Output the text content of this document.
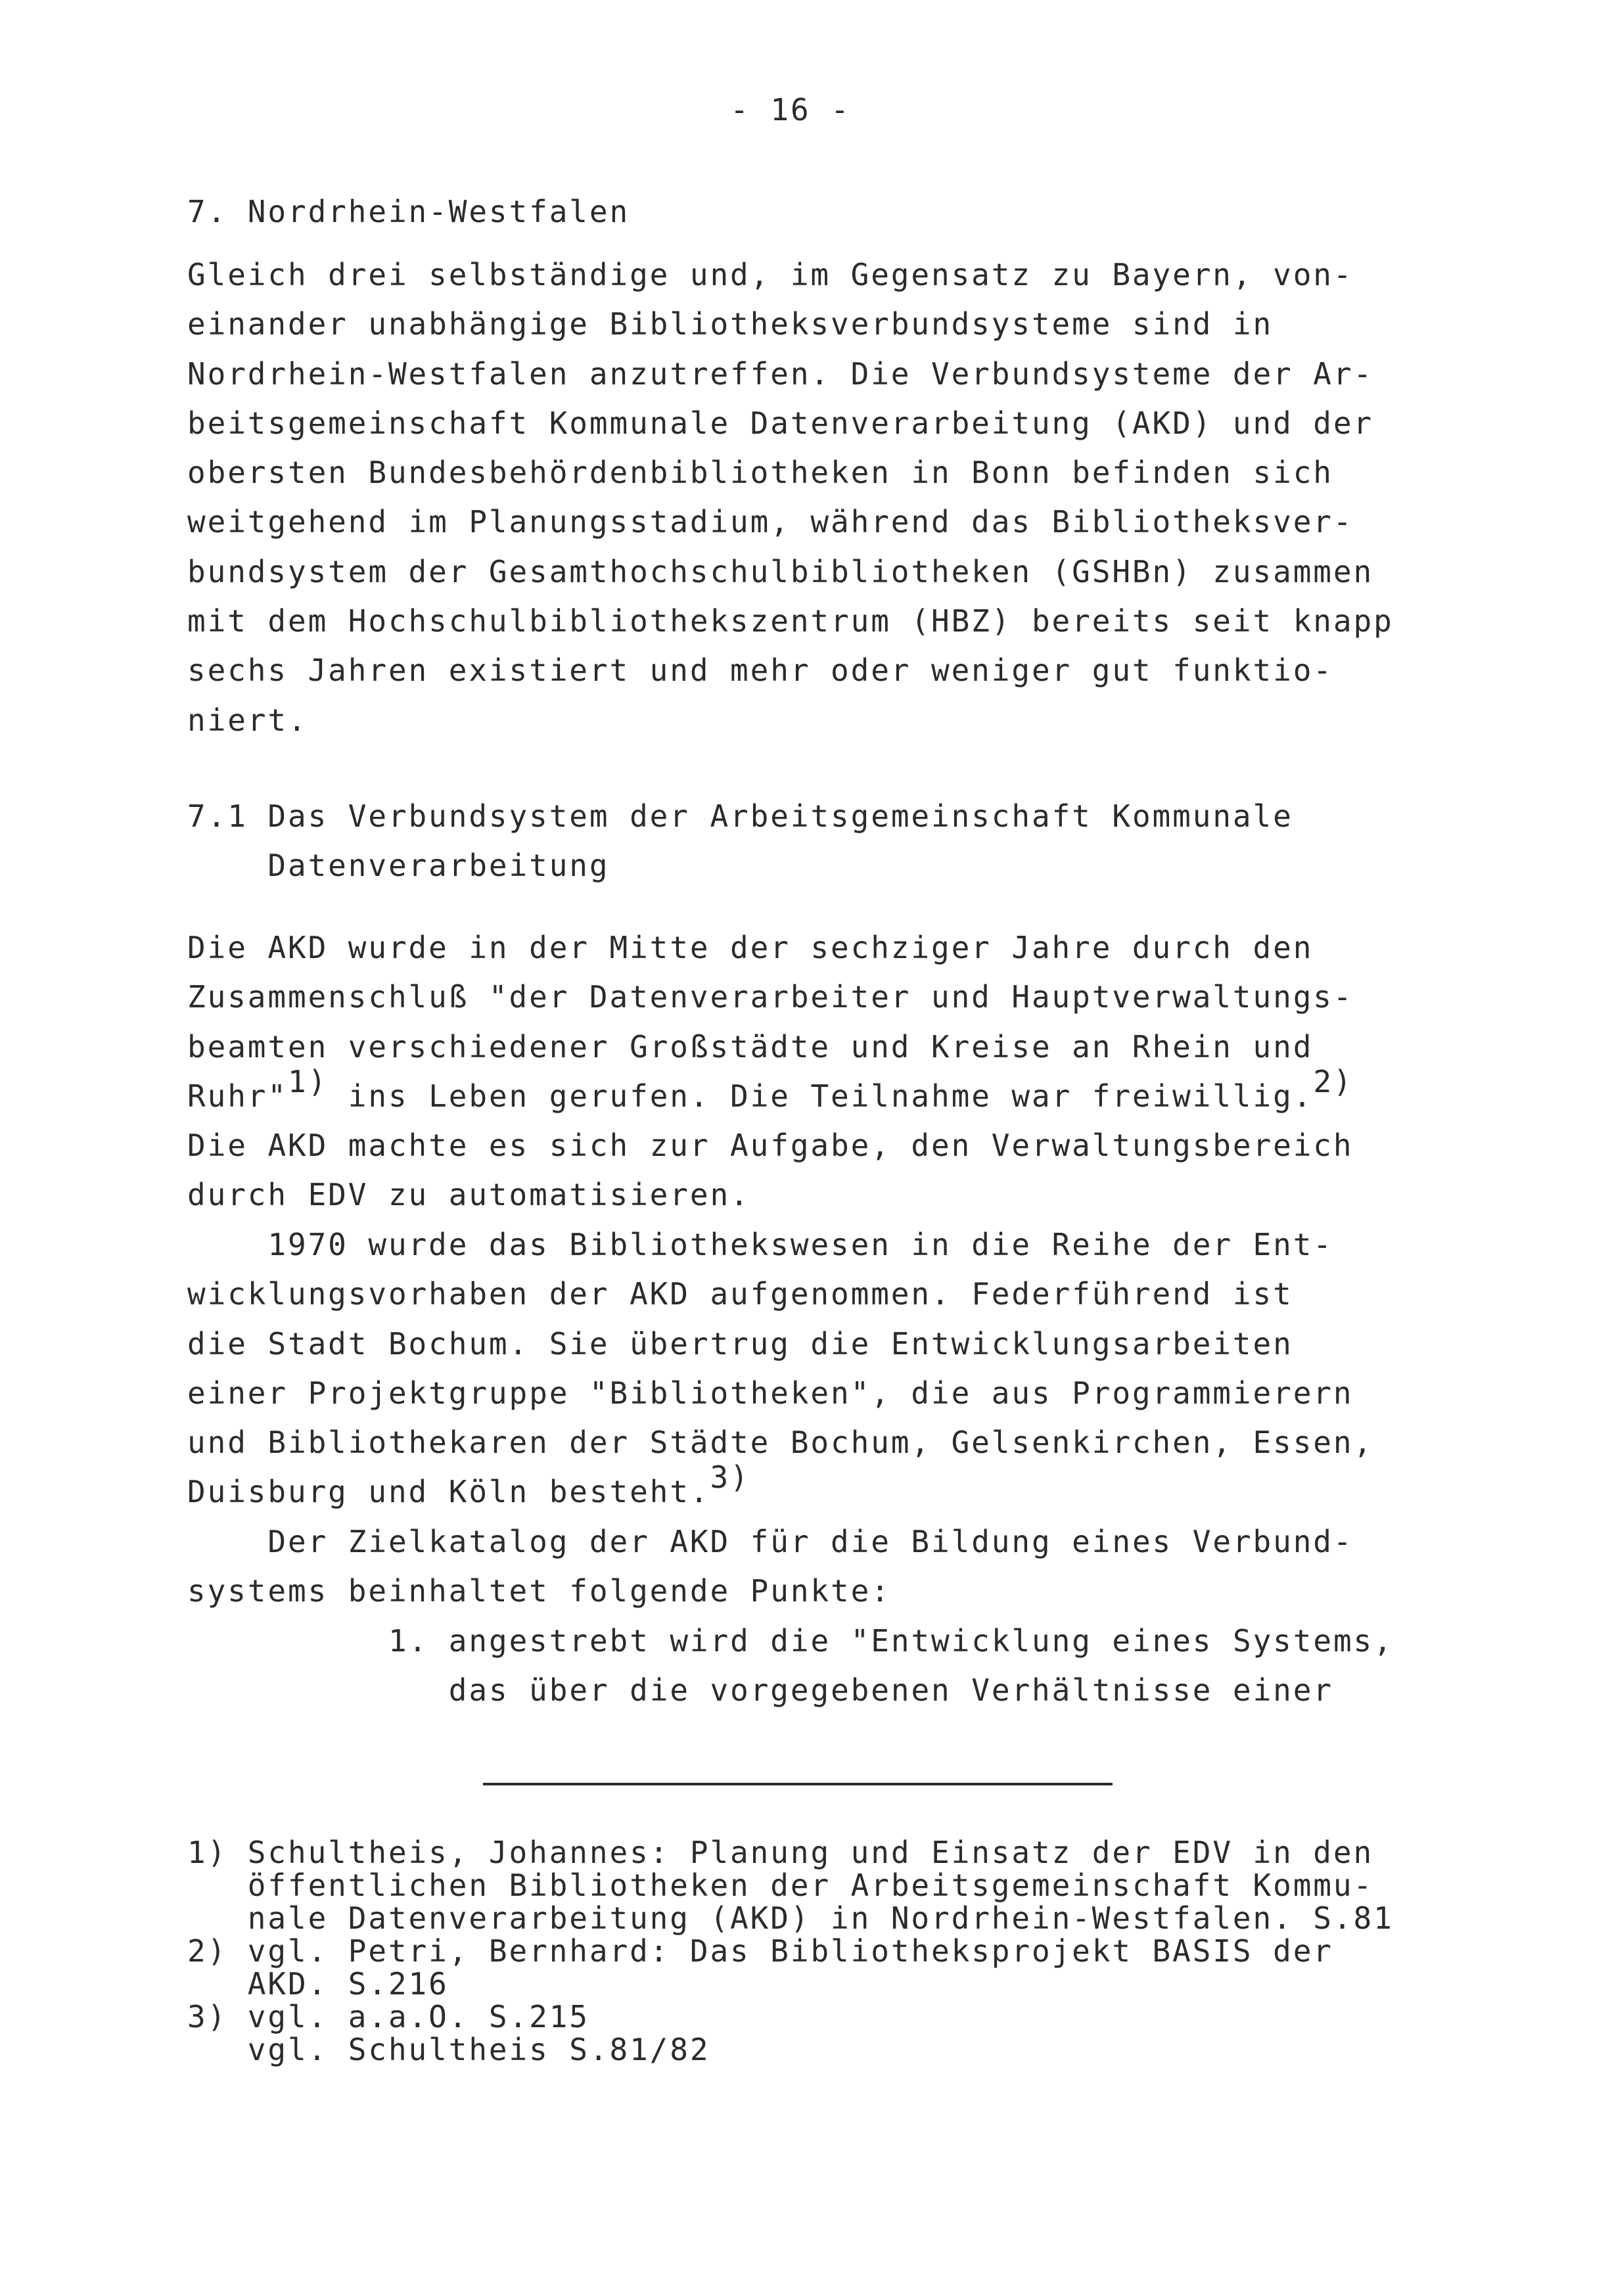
- 16 -
7. Nordrhein-Westfalen
Gleich drei selbständige und, im Gegensatz zu Bayern, von-
einander unabhängige Bibliotheksverbundsysteme sind in
Nordrhein-Westfalen anzutreffen. Die Verbundsysteme der Ar-
beitsgemeinschaft Kommunale Datenverarbeitung (AKD) und der
obersten Bundesbehördenbibliotheken in Bonn befinden sich
weitgehend im Planungsstadium, während das Bibliotheksver-
bundsystem der Gesamthochschulbibliotheken (GSHBn) zusammen
mit dem Hochschulbibliothekszentrum (HBZ) bereits seit knapp
sechs Jahren existiert und mehr oder weniger gut funktio-
niert.
7.1 Das Verbundsystem der Arbeitsgemeinschaft Kommunale
Datenverarbeitung
Die AKD wurde in der Mitte der sechziger Jahre durch den
Zusammenschluß "der Datenverarbeiter und Hauptverwaltungs-
beamten verschiedener Großstädte und Kreise an Rhein und
Ruhr"1) ins Leben gerufen. Die Teilnahme war freiwillig.2)
Die AKD machte es sich zur Aufgabe, den Verwaltungsbereich
durch EDV zu automatisieren.
1970 wurde das Bibliothekswesen in die Reihe der Ent-
wicklungsvorhaben der AKD aufgenommen. Federführend ist
die Stadt Bochum. Sie übertrug die Entwicklungsarbeiten
einer Projektgruppe "Bibliotheken", die aus Programmierern
und Bibliothekaren der Städte Bochum, Gelsenkirchen, Essen,
Duisburg und Köln besteht.3)
Der Zielkatalog der AKD für die Bildung eines Verbund-
systems beinhaltet folgende Punkte:
1. angestrebt wird die "Entwicklung eines Systems,
das über die vorgegebenen Verhältnisse einer
1) Schultheis, Johannes: Planung und Einsatz der EDV in den
öffentlichen Bibliotheken der Arbeitsgemeinschaft Kommu-
nale Datenverarbeitung (AKD) in Nordrhein-Westfalen. S.81
2) vgl. Petri, Bernhard: Das Bibliotheksprojekt BASIS der
AKD. S.216
3) vgl. a.a.O. S.215
vgl. Schultheis S.81/82
